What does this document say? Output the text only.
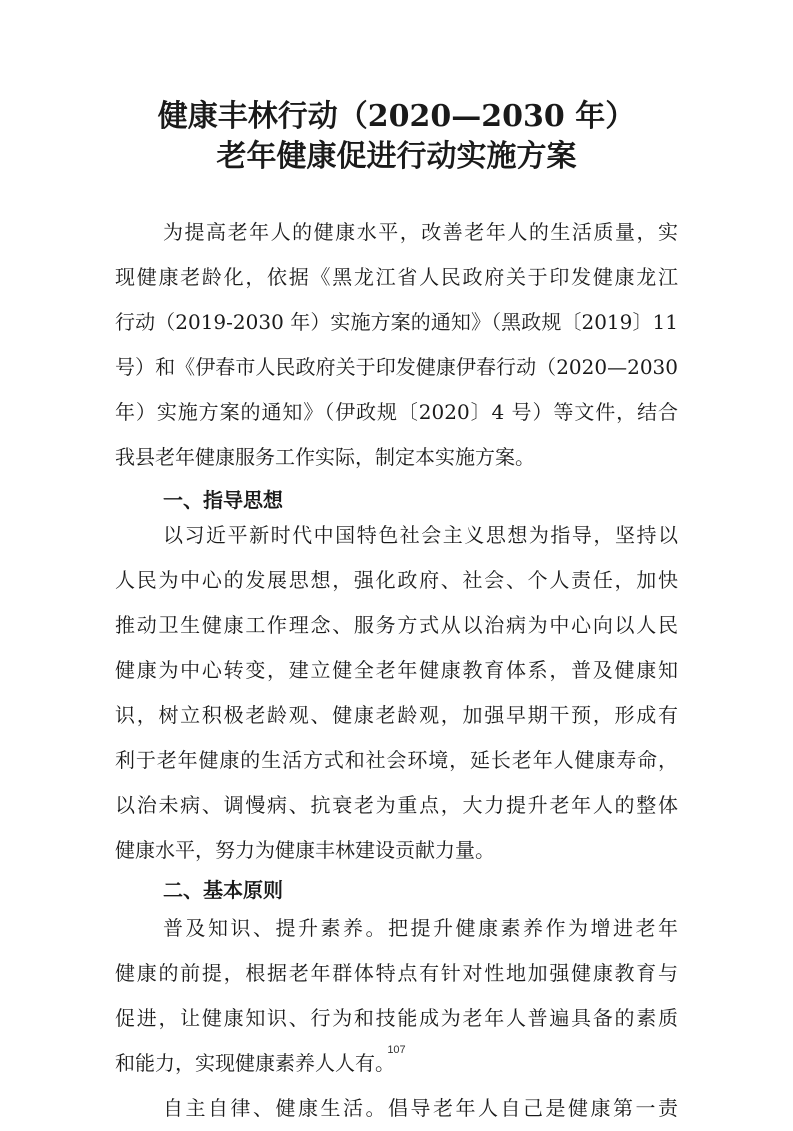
健康丰林行动（2020—2030 年）
老年健康促进行动实施方案

为提高老年人的健康水平，改善老年人的生活质量，实

现健康老龄化，依据《黑龙江省人民政府关于印发健康龙江

行动（2019-2030 年）实施方案的通知》（黑政规〔2019〕11

号）和《伊春市人民政府关于印发健康伊春行动（2020—2030

年）实施方案的通知》（伊政规〔2020〕4 号）等文件，结合

我县老年健康服务工作实际，制定本实施方案。

一、指导思想

以习近平新时代中国特色社会主义思想为指导，坚持以

人民为中心的发展思想，强化政府、社会、个人责任，加快

推动卫生健康工作理念、服务方式从以治病为中心向以人民

健康为中心转变，建立健全老年健康教育体系，普及健康知

识，树立积极老龄观、健康老龄观，加强早期干预，形成有

利于老年健康的生活方式和社会环境，延长老年人健康寿命，

以治未病、调慢病、抗衰老为重点，大力提升老年人的整体

健康水平，努力为健康丰林建设贡献力量。

二、基本原则

普及知识、提升素养。把提升健康素养作为增进老年

健康的前提，根据老年群体特点有针对性地加强健康教育与

促进，让健康知识、行为和技能成为老年人普遍具备的素质

和能力，实现健康素养人人有。

自主自律、健康生活。倡导老年人自己是健康第一责

107
